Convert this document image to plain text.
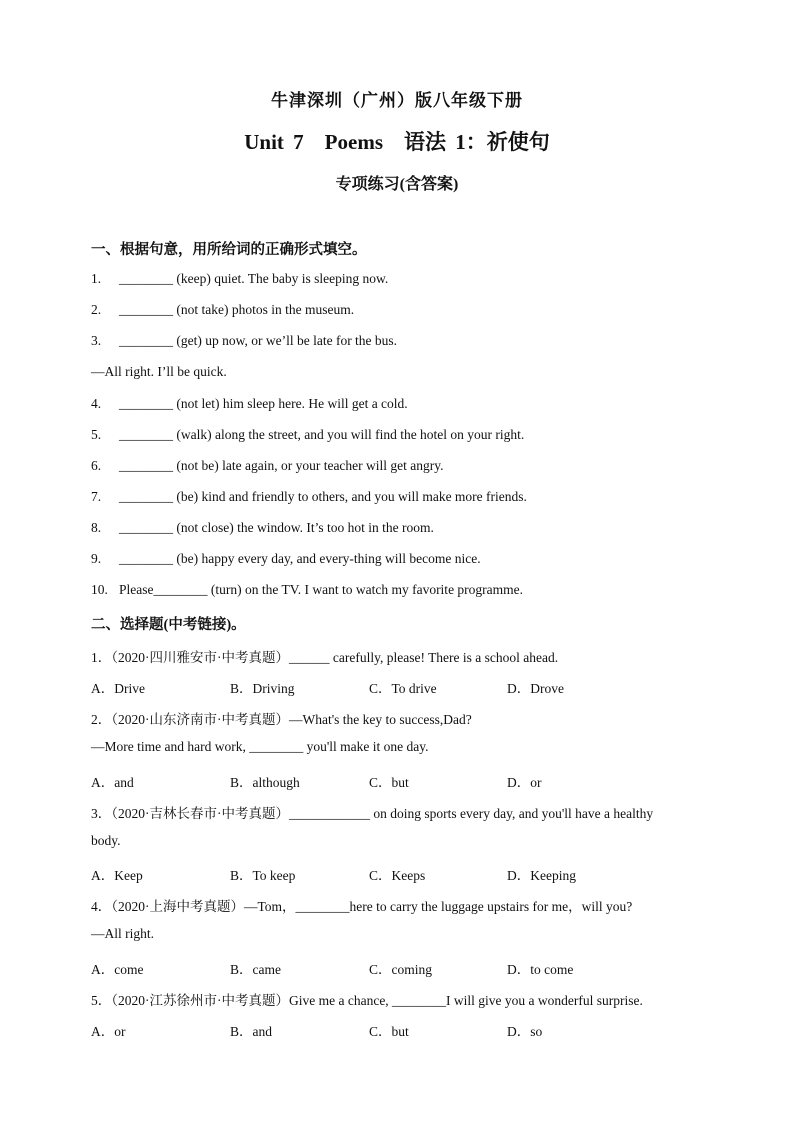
牛津深圳（广州）版八年级下册
Unit 7　Poems　语法 1：祈使句
专项练习(含答案)
一、根据句意，用所给词的正确形式填空。
1. ________ (keep) quiet. The baby is sleeping now.
2. ________ (not take) photos in the museum.
3. ________ (get) up now, or we’ll be late for the bus.
—All right. I’ll be quick.
4. ________ (not let) him sleep here. He will get a cold.
5. ________ (walk) along the street, and you will find the hotel on your right.
6. ________ (not be) late again, or your teacher will get angry.
7. ________ (be) kind and friendly to others, and you will make more friends.
8. ________ (not close) the window. It’s too hot in the room.
9. ________ (be) happy every day, and every-thing will become nice.
10. Please________ (turn) on the TV. I want to watch my favorite programme.
二、选择题(中考链接)。
1．（2020·四川雅安市·中考真题）______ carefully, please! There is a school ahead.
A．Drive	B．Driving	C．To drive	D．Drove
2．（2020·山东济南市·中考真题）—What's the key to success,Dad?
—More time and hard work, ________ you'll make it one day.
A．and	B．although	C．but	D．or
3．（2020·吉林长春市·中考真题）____________ on doing sports every day, and you'll have a healthy
body.
A．Keep	B．To keep	C．Keeps	D．Keeping
4．（2020·上海中考真题）—Tom，________here to carry the luggage upstairs for me，will you?
—All right.
A．come	B．came	C．coming	D．to come
5．（2020·江苏徐州市·中考真题）Give me a chance, ________I will give you a wonderful surprise.
A．or	B．and	C．but	D．so
